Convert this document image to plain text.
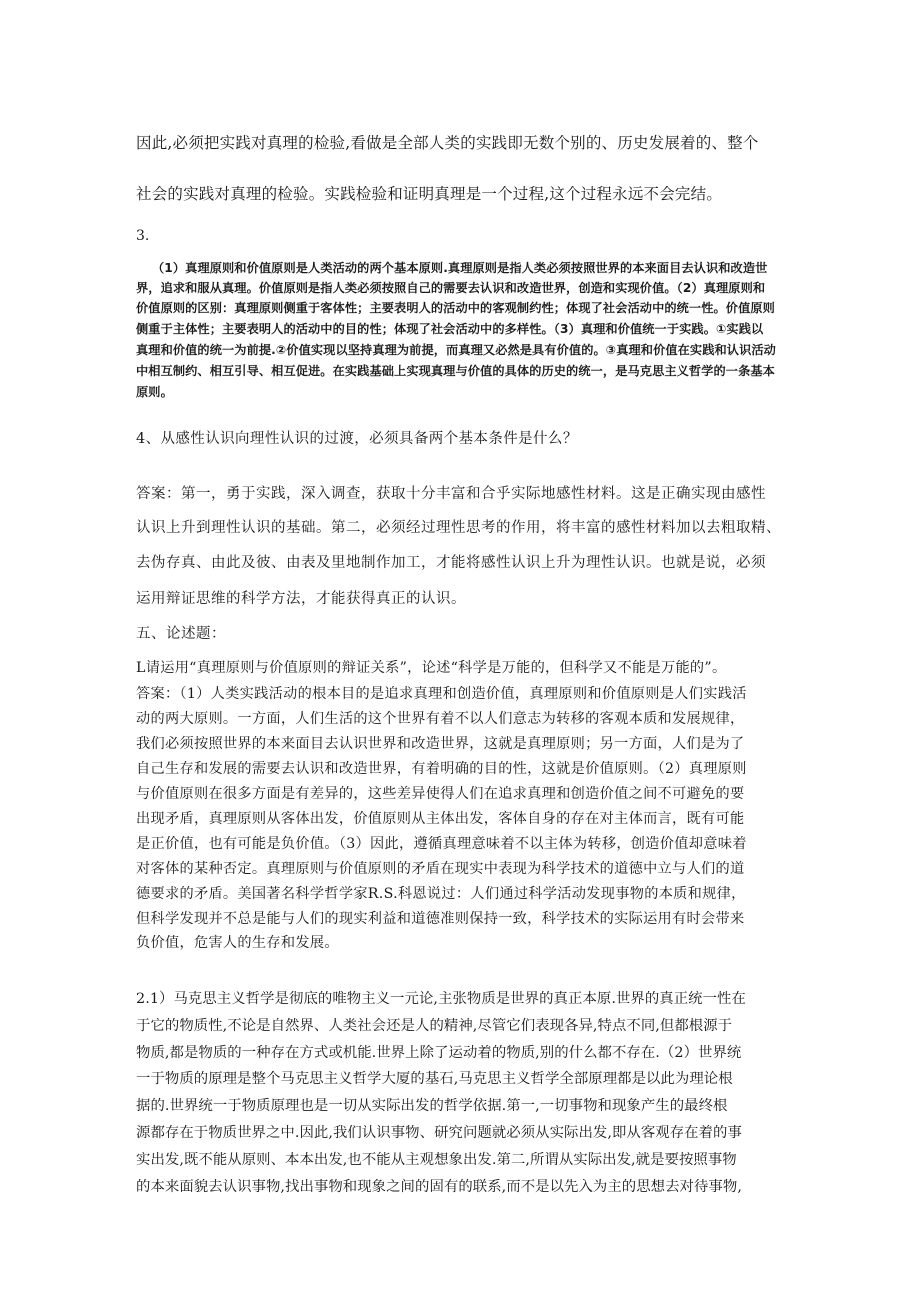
因此,必须把实践对真理的检验,看做是全部人类的实践即无数个别的、历史发展着的、整个
社会的实践对真理的检验。实践检验和证明真理是一个过程,这个过程永远不会完结。
3.
（1）真理原则和价值原则是人类活动的两个基本原则.真理原则是指人类必须按照世界的本来面目去认识和改造世
界，追求和服从真理。价值原则是指人类必须按照自己的需要去认识和改造世界，创造和实现价值。（2）真理原则和
价值原则的区别：真理原则侧重于客体性；主要表明人的活动中的客观制约性；体现了社会活动中的统一性。价值原则
侧重于主体性；主要表明人的活动中的目的性；体现了社会活动中的多样性。（3）真理和价值统一于实践。①实践以
真理和价值的统一为前提.②价值实现以坚持真理为前提，而真理又必然是具有价值的。③真理和价值在实践和认识活动
中相互制约、相互引导、相互促进。在实践基础上实现真理与价值的具体的历史的统一，是马克思主义哲学的一条基本
原则。
4、从感性认识向理性认识的过渡，必须具备两个基本条件是什么？
答案：第一，勇于实践，深入调查，获取十分丰富和合乎实际地感性材料。这是正确实现由感性
认识上升到理性认识的基础。第二，必须经过理性思考的作用，将丰富的感性材料加以去粗取精、
去伪存真、由此及彼、由表及里地制作加工，才能将感性认识上升为理性认识。也就是说，必须
运用辩证思维的科学方法，才能获得真正的认识。
五、论述题：
L请运用“真理原则与价值原则的辩证关系”，论述“科学是万能的，但科学又不能是万能的”。
答案：（1）人类实践活动的根本目的是追求真理和创造价值，真理原则和价值原则是人们实践活
动的两大原则。一方面，人们生活的这个世界有着不以人们意志为转移的客观本质和发展规律，
我们必须按照世界的本来面目去认识世界和改造世界，这就是真理原则；另一方面，人们是为了
自己生存和发展的需要去认识和改造世界，有着明确的目的性，这就是价值原则。（2）真理原则
与价值原则在很多方面是有差异的，这些差异使得人们在追求真理和创造价值之间不可避免的要
出现矛盾，真理原则从客体出发，价值原则从主体出发，客体自身的存在对主体而言，既有可能
是正价值，也有可能是负价值。（3）因此，遵循真理意味着不以主体为转移，创造价值却意味着
对客体的某种否定。真理原则与价值原则的矛盾在现实中表现为科学技术的道德中立与人们的道
德要求的矛盾。美国著名科学哲学家R.S.科恩说过：人们通过科学活动发现事物的本质和规律，
但科学发现并不总是能与人们的现实利益和道德准则保持一致，科学技术的实际运用有时会带来
负价值，危害人的生存和发展。
2.1）马克思主义哲学是彻底的唯物主义一元论,主张物质是世界的真正本原.世界的真正统一性在
于它的物质性,不论是自然界、人类社会还是人的精神,尽管它们表现各异,特点不同,但都根源于
物质,都是物质的一种存在方式或机能.世界上除了运动着的物质,别的什么都不存在.（2）世界统
一于物质的原理是整个马克思主义哲学大厦的基石,马克思主义哲学全部原理都是以此为理论根
据的.世界统一于物质原理也是一切从实际出发的哲学依据.第一,一切事物和现象产生的最终根
源都存在于物质世界之中.因此,我们认识事物、研究问题就必须从实际出发,即从客观存在着的事
实出发,既不能从原则、本本出发,也不能从主观想象出发.第二,所谓从实际出发,就是要按照事物
的本来面貌去认识事物,找出事物和现象之间的固有的联系,而不是以先入为主的思想去对待事物,
